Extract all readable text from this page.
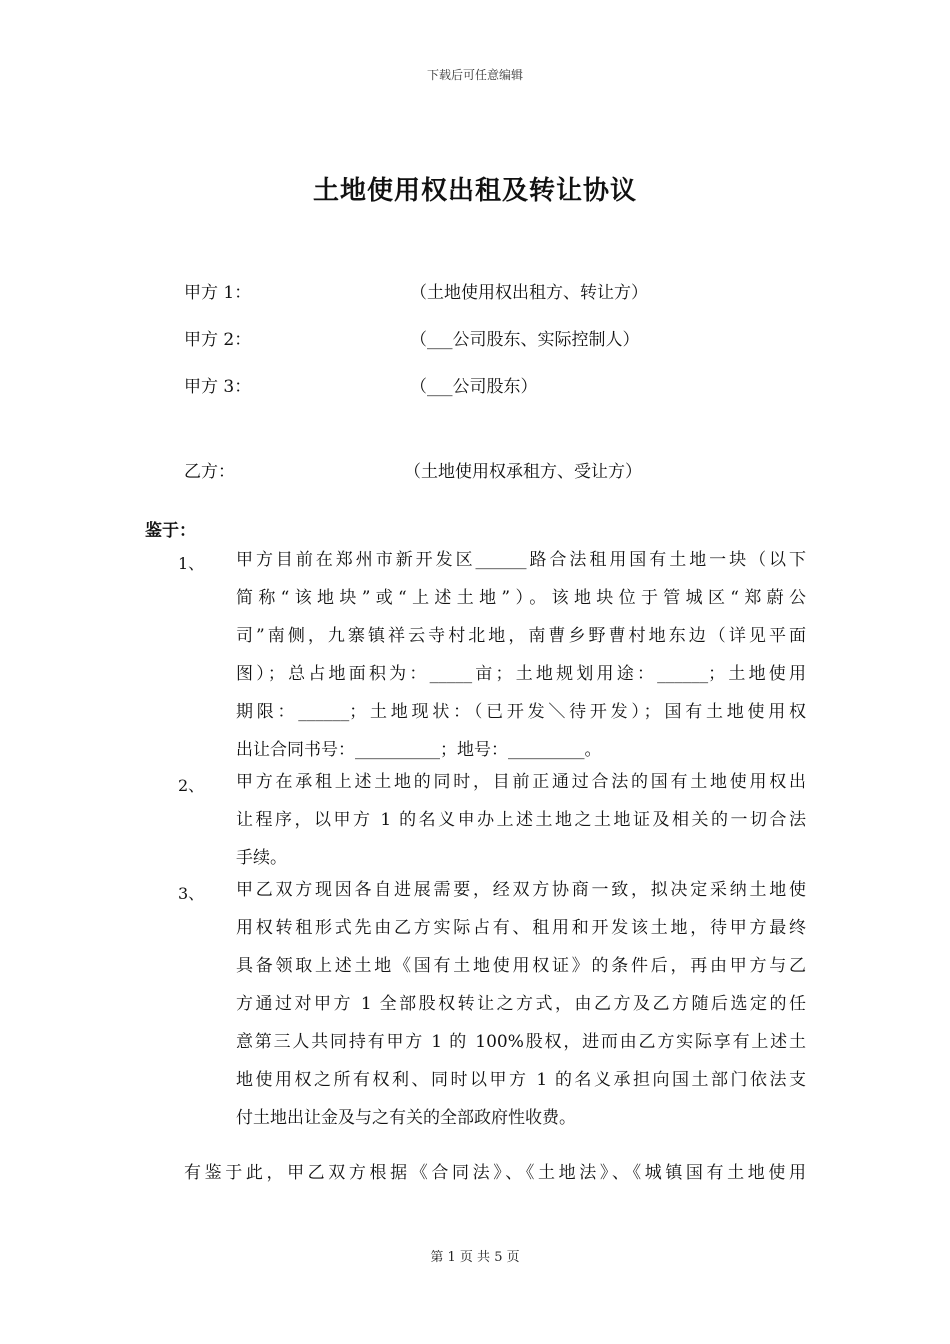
下载后可任意编辑
土地使用权出租及转让协议
甲方 1：	（土地使用权出租方、转让方）
甲方 2：	（___公司股东、实际控制人）
甲方 3：	（___公司股东）
乙方：	（土地使用权承租方、受让方）
鉴于：
1、 甲方目前在郑州市新开发区______路合法租用国有土地一块（以下
简称“该地块”或“上述土地”）。该地块位于管城区“郑蔚公
司”南侧，九寨镇祥云寺村北地，南曹乡野曹村地东边（详见平面
图）；总占地面积为：_____亩；土地规划用途：______；土地使用
期限：______；土地现状：（已开发＼待开发）；国有土地使用权
出让合同书号：__________；地号：_________。
2、 甲方在承租上述土地的同时，目前正通过合法的国有土地使用权出
让程序，以甲方 1 的名义申办上述土地之土地证及相关的一切合法
手续。
3、 甲乙双方现因各自进展需要，经双方协商一致，拟决定采纳土地使
用权转租形式先由乙方实际占有、租用和开发该土地，待甲方最终
具备领取上述土地《国有土地使用权证》的条件后，再由甲方与乙
方通过对甲方 1 全部股权转让之方式，由乙方及乙方随后选定的任
意第三人共同持有甲方 1 的 100%股权，进而由乙方实际享有上述土
地使用权之所有权利、同时以甲方 1 的名义承担向国土部门依法支
付土地出让金及与之有关的全部政府性收费。
有鉴于此，甲乙双方根据《合同法》、《土地法》、《城镇国有土地使用
第 1 页 共 5 页
